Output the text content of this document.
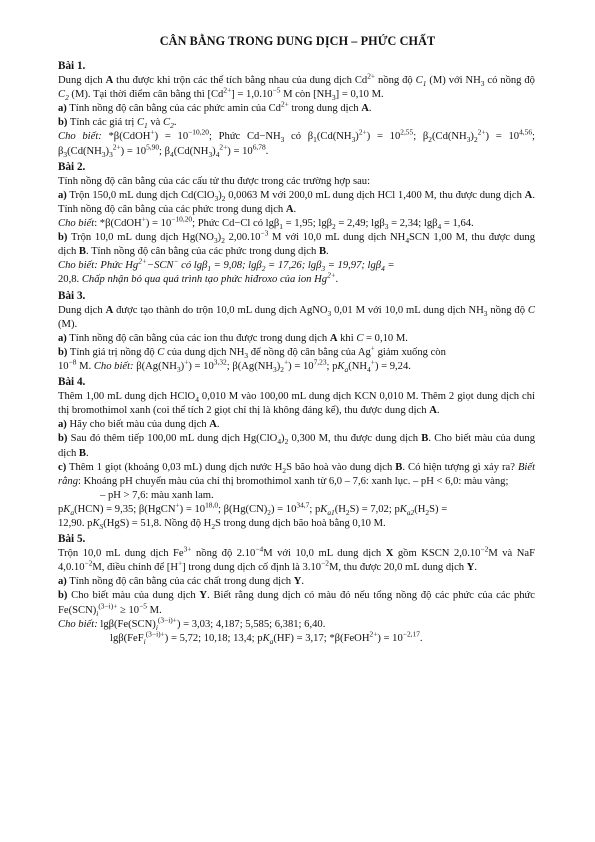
CÂN BẰNG TRONG DUNG DỊCH – PHỨC CHẤT

Bài 1.

Dung dịch A thu được khi trộn các thể tích bằng nhau của dung dịch $Cd^{2+}$ nồng độ $C_1$ (M) với $NH_3$ có nồng độ $C_2$ (M). Tại thời điểm cân bằng thì $[Cd^{2+}] = 1,0.10^{-5}$ M còn $[NH_3] = 0,10$ M.

a) Tính nồng độ cân bằng của các phức amin của $Cd^{2+}$ trong dung dịch A.

b) Tính các giá trị $C_1$ và $C_2$.

Cho biết: *β(CdOH+) = $10^{-10,20}$; Phức $Cd-NH_3$ có $\beta_1(Cd(NH_3)^{2+}) = 10^{2,55}$; $\beta_2(Cd(NH_3)_2^{2+}) = 10^{4,56}$; $\beta_3(Cd(NH_3)_3^{2+}) = 10^{5,90}$; $\beta_4(Cd(NH_3)_4^{2+}) = 10^{6,78}$.

Bài 2.

Tính nồng độ cân bằng của các cấu tử thu được trong các trường hợp sau:

a) Trộn 150,0 mL dung dịch $Cd(ClO_3)_2$ 0,0063 M với 200,0 mL dung dịch HCl 1,400 M, thu được dung dịch A. Tính nồng độ cân bằng của các phức trong dung dịch A.

Cho biết: *β(CdOH+) = $10^{-10,20}$; Phức Cd−Cl có lgβ$_1$ = 1,95; lgβ$_2$ = 2,49; lgβ$_3$ = 2,34; lgβ$_4$ = 1,64.

b) Trộn 10,0 mL dung dịch $Hg(NO_3)_2$ $2,00.10^{-3}$ M với 10,0 mL dung dịch $NH_4SCN$ 1,00 M, thu được dung dịch B. Tính nồng độ cân bằng của các phức trong dung dịch B.

Cho biết: Phức $Hg^{2+}-SCN^-$ có lgβ$_1$ = 9,08; lgβ$_2$ = 17,26; lgβ$_3$ = 19,97; lgβ$_4$ =
20,8. Chấp nhận bỏ qua quá trình tạo phức hiđroxo của ion $Hg^{2+}$.

Bài 3.

Dung dịch A được tạo thành do trộn 10,0 mL dung dịch AgNO$_3$ 0,01 M với 10,0 mL dung dịch $NH_3$ nồng độ C (M).

a) Tính nồng độ cân bằng của các ion thu được trong dung dịch A khi C = 0,10 M.

b) Tính giá trị nồng độ C của dung dịch $NH_3$ để nồng độ cân bằng của Ag+ giảm xuống còn
$10^{-8}$ M. Cho biết: $\beta(Ag(NH_3)^+) = 10^{3,32}$; $\beta(Ag(NH_3)_2^+) = 10^{7,23}$; $pK_a(NH_4^+) = 9,24$.

Bài 4.

Thêm 1,00 mL dung dịch HClO$_4$ 0,010 M vào 100,00 mL dung dịch KCN 0,010 M. Thêm 2 giọt dung dịch chỉ thị bromothimol xanh (coi thể tích 2 giọt chỉ thị là không đáng kể), thu được dung dịch A.

a) Hãy cho biết màu của dung dịch A.

b) Sau đó thêm tiếp 100,00 mL dung dịch $Hg(ClO_4)_2$ 0,300 M, thu được dung dịch B. Cho biết màu của dung dịch B.

c) Thêm 1 giọt (khoảng 0,03 mL) dung dịch nước $H_2S$ bão hoà vào dung dịch B. Có hiện tượng gì xảy ra? Biết rằng: Khoảng pH chuyển màu của chỉ thị bromothimol xanh từ 6,0 – 7,6: xanh lục. – pH < 6,0: màu vàng;

– pH > 7,6: màu xanh lam.

$pK_a(HCN) = 9,35$; β(HgCN+) = $10^{18,0}$; $\beta(Hg(CN)_2) = 10^{34,7}$; $pK_{a1}(H_2S) = 7,02$; $pK_{a2}(H_2S)$ =
12,90. $pK_S(HgS) = 51,8$. Nồng độ $H_2S$ trong dung dịch bão hoà bằng 0,10 M.

Bài 5.

Trộn 10,0 mL dung dịch $Fe^{3+}$ nồng độ $2.10^{-4}M$ với 10,0 mL dung dịch X gồm KSCN $2,0.10^{-2}M$ và NaF $4,0.10^{-2}M$, điều chỉnh để [H+] trong dung dịch cố định là $3.10^{-2}M$, thu được 20,0 mL dung dịch Y.

a) Tính nồng độ cân bằng của các chất trong dung dịch Y.

b) Cho biết màu của dung dịch Y. Biết rằng dung dịch có màu đỏ nếu tổng nồng độ các phức của các phức $Fe(SCN)_i^{(3-i)+} \ge 10^{-5}$ M.

Cho biết: $\lg\beta(Fe(SCN)_i^{(3-i)+}) = 3,03$; 4,187; 5,585; 6,381; 6,40.

lgβ(FeF$_i^{(3-i)+}$) = 5,72; 10,18; 13,4; $pK_a(HF) = 3,17$; *β(FeOH$^{2+}$) = $10^{-2,17}$.
